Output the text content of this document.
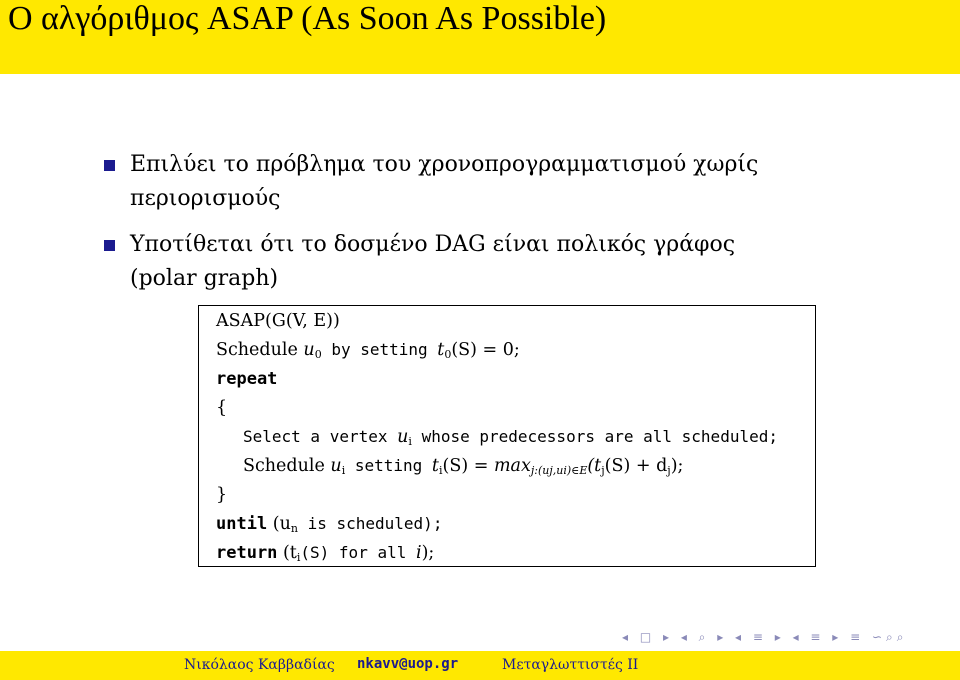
Ο αλγόριθμος ASAP (As Soon As Possible)
Επιλύει το πρόβλημα του χρονοπρογραμματισμού χωρίς
περιορισμούς
Υποτίθεται ότι το δοσμένο DAG είναι πολικός γράφος
(polar graph)
ASAP(G(V, E))
Schedule $u_0$ by setting $t_0(S) = 0$;
repeat
{
Select a vertex $u_i$ whose predecessors are all scheduled;
Schedule $u_i$ setting $t_i(S) = \max_{j:(uj,ui)\in E}(t_j(S) + d_j)$;
}
until ($u_n$ is scheduled);
return ($t_i(S)$ for all i);
◂ □ ▸ ◂ ⌕ ▸ ◂ ≡ ▸ ◂ ≡ ▸ ≡ ∽⌕⌕
Νικόλαος Καββαδίας nkavv@uop.gr	Μεταγλωττιστές II
